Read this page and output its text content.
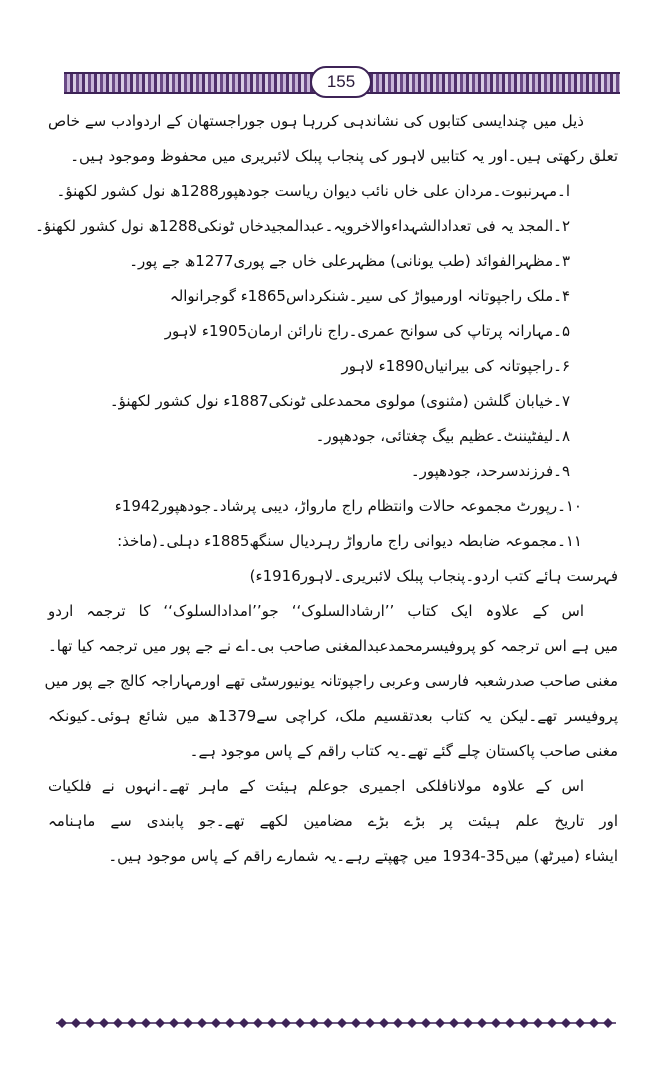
155
ذیل میں چندایسی کتابوں کی نشاندہی کررہا ہوں جوراجستھان کے اردوادب سے خاص
تعلق رکھتی ہیں۔اور یہ کتابیں لاہور کی پنجاب پبلک لائبریری میں محفوظ وموجود ہیں۔
ا۔مہرنبوت۔مردان علی خاں نائب دیوان ریاست جودھپور1288ھ نول کشور لکھنؤ۔
۲۔المجد یہ فی تعدادالشہداءوالاخرویہ۔عبدالمجیدخاں ٹونکی1288ھ نول کشور لکھنؤ۔
۳۔مظہرالفوائد (طب یونانی) مظہرعلی خاں جے پوری1277ھ جے پور۔
۴۔ملک راجپوتانہ اورمیواڑ کی سیر۔شنکرداس1865ء گوجرانوالہ
۵۔مہارانہ پرتاپ کی سوانح عمری۔راج نارائن ارمان1905ء لاہور
۶۔راجپوتانہ کی بیرانیاں1890ء لاہور
۷۔خیابان گلشن (مثنوی) مولوی محمدعلی ٹونکی1887ء نول کشور لکھنؤ۔
۸۔لیفٹیننٹ۔عظیم بیگ چغتائی، جودھپور۔
۹۔فرزندسرحد، جودھپور۔
۱۰۔رپورٹ مجموعہ حالات وانتظام راج مارواڑ، دیبی پرشاد۔جودھپور1942ء
۱۱۔مجموعہ ضابطہ دیوانی راج مارواڑ رہردیال سنگھ1885ء دہلی۔(ماخذ:
فہرست ہائے کتب اردو۔پنجاب پبلک لائبریری۔لاہور1916ء)
اس کے علاوہ ایک کتاب ’’ارشادالسلوک‘‘ جو’’امدادالسلوک‘‘ کا ترجمہ اردو
میں ہے اس ترجمہ کو پروفیسرمحمدعبدالمغنی صاحب بی۔اے نے جے پور میں ترجمہ کیا تھا۔
مغنی صاحب صدرشعبہ فارسی وعربی راجپوتانہ یونیورسٹی تھے اورمہاراجہ کالج جے پور میں
پروفیسر تھے۔لیکن یہ کتاب بعدتقسیم ملک، کراچی سے1379ھ میں شائع ہوئی۔کیونکہ
مغنی صاحب پاکستان چلے گئے تھے۔یہ کتاب راقم کے پاس موجود ہے۔
اس کے علاوہ مولانافلکی اجمیری جوعلم ہیئت کے ماہر تھے۔انہوں نے فلکیات
اور تاریخ علم ہیئت پر بڑے بڑے مضامین لکھے تھے۔جو پابندی سے ماہنامہ
ایشاء (میرٹھ) میں35-1934 میں چھپتے رہے۔یہ شمارے راقم کے پاس موجود ہیں۔
